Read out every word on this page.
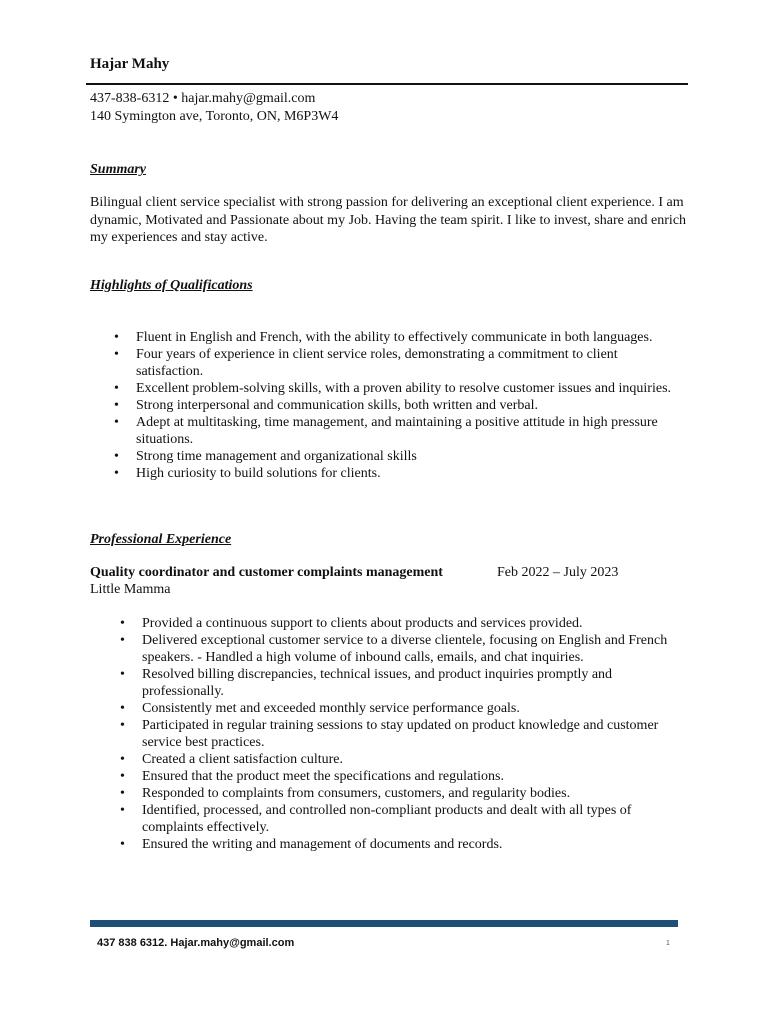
Hajar Mahy
437-838-6312 • hajar.mahy@gmail.com
140 Symington ave, Toronto, ON, M6P3W4
Summary
Bilingual client service specialist with strong passion for delivering an exceptional client experience. I am dynamic, Motivated and Passionate about my Job. Having the team spirit. I like to invest, share and enrich my experiences and stay active.
Highlights of Qualifications
• Fluent in English and French, with the ability to effectively communicate in both languages.
• Four years of experience in client service roles, demonstrating a commitment to client satisfaction.
• Excellent problem-solving skills, with a proven ability to resolve customer issues and inquiries.
• Strong interpersonal and communication skills, both written and verbal.
• Adept at multitasking, time management, and maintaining a positive attitude in high pressure situations.
• Strong time management and organizational skills
• High curiosity to build solutions for clients.
Professional Experience
Quality coordinator and customer complaints management	Feb 2022 – July 2023
Little Mamma
• Provided a continuous support to clients about products and services provided.
• Delivered exceptional customer service to a diverse clientele, focusing on English and French speakers. - Handled a high volume of inbound calls, emails, and chat inquiries.
• Resolved billing discrepancies, technical issues, and product inquiries promptly and professionally.
• Consistently met and exceeded monthly service performance goals.
• Participated in regular training sessions to stay updated on product knowledge and customer service best practices.
• Created a client satisfaction culture.
• Ensured that the product meet the specifications and regulations.
• Responded to complaints from consumers, customers, and regularity bodies.
• Identified, processed, and controlled non-compliant products and dealt with all types of complaints effectively.
• Ensured the writing and management of documents and records.
437 838 6312. Hajar.mahy@gmail.com	1
